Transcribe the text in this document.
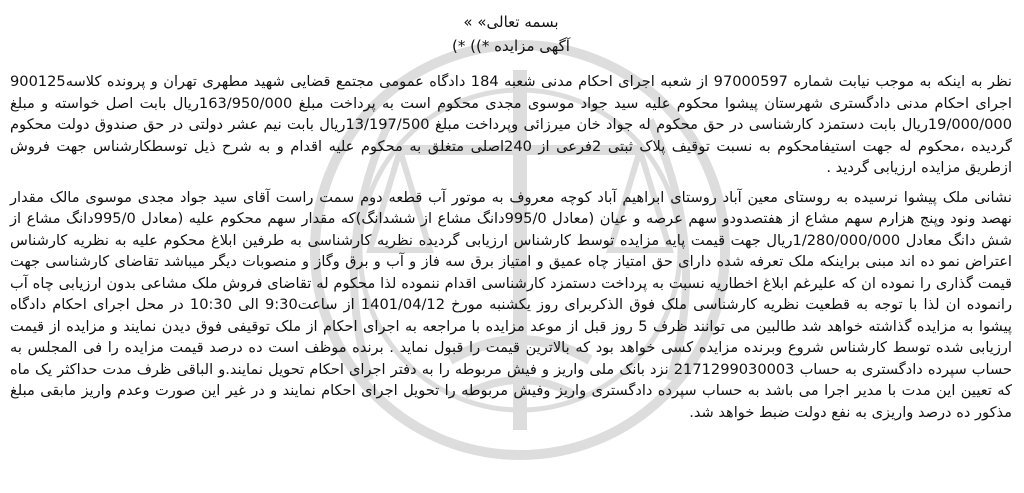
بسمه تعالی» »

آگهی مزایده *)) *)

نظر به اینکه به موجب نیابت شماره 97000597 از شعبه اجرای احکام مدنی شعبه 184 دادگاه عمومی مجتمع قضایی شهید مطهری تهران و پرونده کلاسه900125 اجرای احکام مدنی دادگستری شهرستان پیشوا محکوم علیه سید جواد موسوی مجدی محکوم است به پرداخت مبلغ 163/950/000ریال بابت اصل خواسته و مبلغ 19/000/000ریال بابت دستمزد کارشناسی در حق محکوم له جواد خان میرزائی وپرداخت مبلغ 13/197/500ریال بابت نیم عشر دولتی در حق صندوق دولت محکوم گردیده ،محکوم له جهت استیفامحکوم به نسبت توقیف پلاک ثبتی 2فرعی از 240اصلی متغلق به محکوم علیه اقدام و به شرح ذیل توسطکارشناس جهت فروش ازطریق مزایده ارزیابی گردید .

نشانی ملک پیشوا نرسیده به روستای معین آباد روستای ابراهیم آباد کوچه معروف به موتور آب قطعه دوم سمت راست آقای سید جواد مجدی موسوی مالک مقدار نهصد ونود وپنج هزارم سهم مشاع از هفتصدودو سهم عرصه و عیان (معادل 995/0دانگ مشاع از ششدانگ)که مقدار سهم محکوم علیه (معادل 995/0دانگ مشاع از شش دانگ معادل 1/280/000/000ریال جهت قیمت پایه مزایده توسط کارشناس ارزیابی گردیده نظریه کارشناسی به طرفین ابلاغ محکوم علیه به نظریه کارشناس اعتراض نمو ده اند مبنی براینکه ملک تعرفه شده دارای حق امتیاز چاه عمیق و امتیاز برق سه فاز و آب و برق وگاز و منصوبات دیگر میباشد تقاضای کارشناسی جهت قیمت گذاری را نموده ان که علیرغم ابلاغ اخطاریه نسبت به پرداخت دستمزد کارشناسی اقدام ننموده لذا محکوم له تقاضای فروش ملک مشاعی بدون ارزیابی چاه آب رانموده ان لذا با توجه به قطعیت نظریه کارشناسی ملک فوق الذکربرای روز یکشنبه مورخ 1401/04/12 از ساعت9:30 الی 10:30 در محل اجرای احکام دادگاه پیشوا به مزایده گذاشته خواهد شد طالبین می توانند ظرف 5 روز قبل از موعد مزایده با مراجعه به اجرای احکام از ملک توقیفی فوق دیدن نمایند و مزایده از قیمت ارزیابی شده توسط کارشناس شروع وبرنده مزایده کسی خواهد بود که بالاترین قیمت را قبول نماید . برنده موظف است ده درصد قیمت مزایده را فی المجلس به حساب سپرده دادگستری به حساب 2171299030003 نزد بانک ملی واریز و فیش مربوطه را به دفتر اجرای احکام تحویل نمایند.و الباقی ظرف مدت حداکثر یک ماه که تعیین این مدت با مدیر اجرا می باشد به حساب سپرده دادگستری واریز وفیش مربوطه را تحویل اجرای احکام نمایند و در غیر این صورت وعدم واریز مابقی مبلغ مذکور ده درصد واریزی به نفع دولت ضبط خواهد شد.
